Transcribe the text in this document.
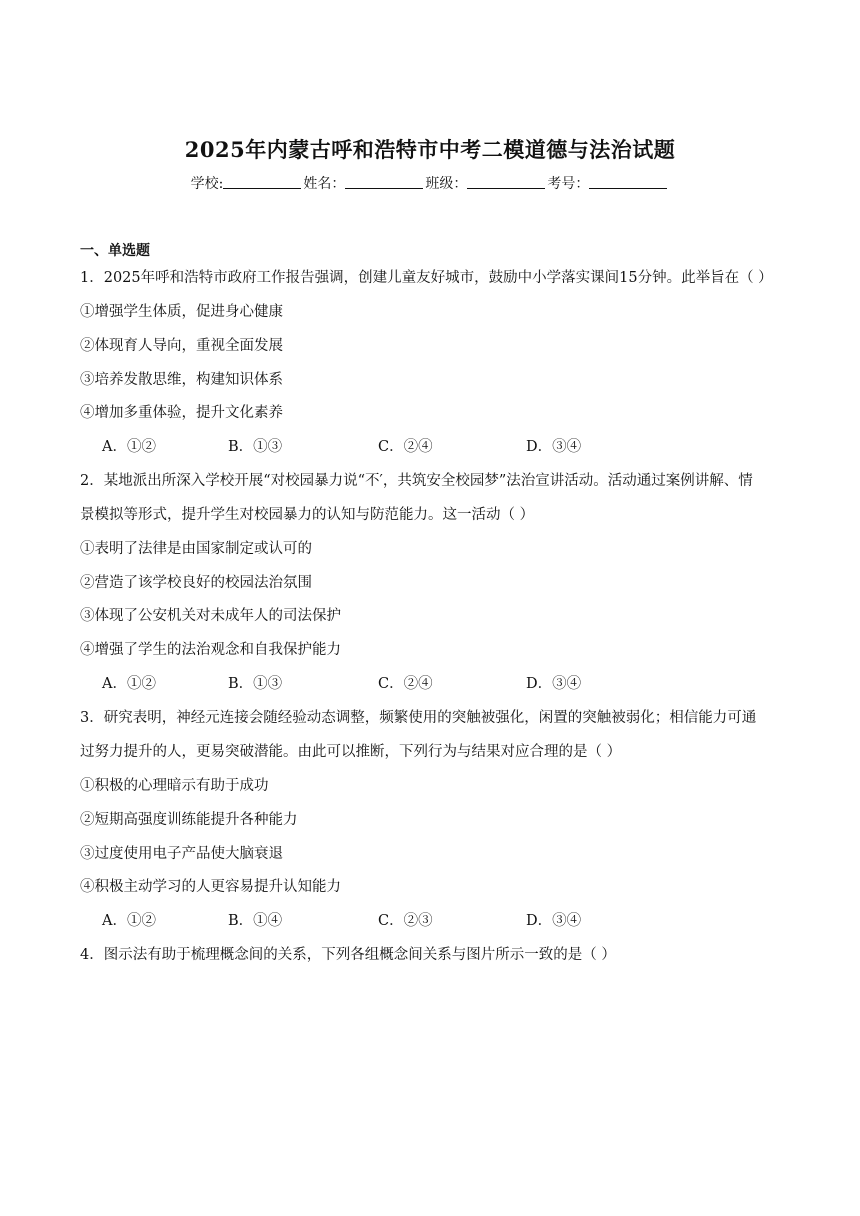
2025年内蒙古呼和浩特市中考二模道德与法治试题
学校:	姓名：	班级：	考号：
一、单选题
1．2025年呼和浩特市政府工作报告强调，创建儿童友好城市，鼓励中小学落实课间15分钟。此举旨在（ ）
①增强学生体质，促进身心健康
②体现育人导向，重视全面发展
③培养发散思维，构建知识体系
④增加多重体验，提升文化素养
A．①②	B．①③	C．②④	D．③④
2．某地派出所深入学校开展“对校园暴力说“不′，共筑安全校园梦”法治宣讲活动。活动通过案例讲解、情
景模拟等形式，提升学生对校园暴力的认知与防范能力。这一活动（ ）
①表明了法律是由国家制定或认可的
②营造了该学校良好的校园法治氛围
③体现了公安机关对未成年人的司法保护
④增强了学生的法治观念和自我保护能力
A．①②	B．①③	C．②④	D．③④
3．研究表明，神经元连接会随经验动态调整，频繁使用的突触被强化，闲置的突触被弱化；相信能力可通
过努力提升的人，更易突破潜能。由此可以推断，下列行为与结果对应合理的是（ ）
①积极的心理暗示有助于成功
②短期高强度训练能提升各种能力
③过度使用电子产品使大脑衰退
④积极主动学习的人更容易提升认知能力
A．①②	B．①④	C．②③	D．③④
4．图示法有助于梳理概念间的关系，下列各组概念间关系与图片所示一致的是（ ）
